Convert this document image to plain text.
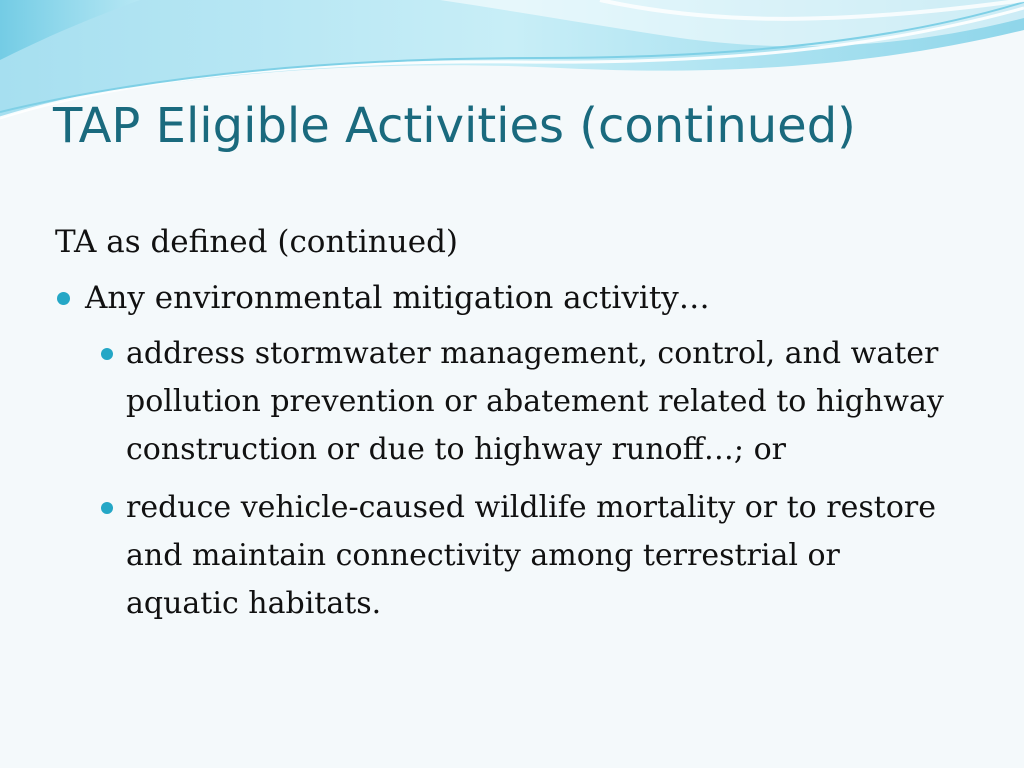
TAP Eligible Activities (continued)

TA as defined (continued)

Any environmental mitigation activity…
address stormwater management, control, and water pollution prevention or abatement related to highway construction or due to highway runoff…; or
reduce vehicle-caused wildlife mortality or to restore and maintain connectivity among terrestrial or aquatic habitats.
